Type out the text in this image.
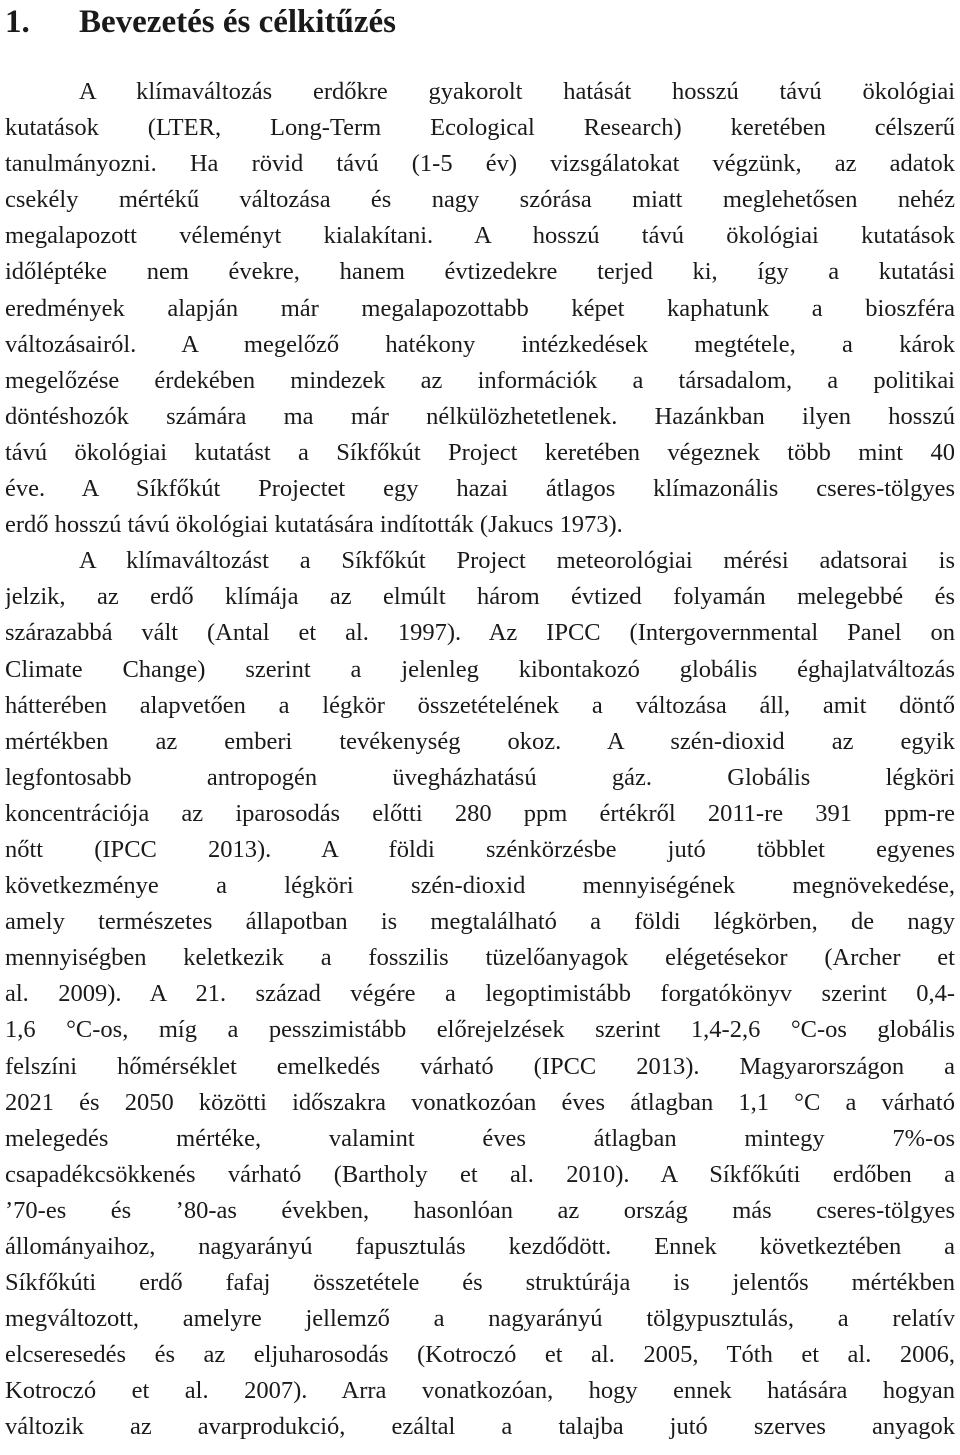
1. Bevezetés és célkitűzés
A klímaváltozás erdőkre gyakorolt hatását hosszú távú ökológiai
kutatások (LTER, Long-Term Ecological Research) keretében célszerű
tanulmányozni. Ha rövid távú (1-5 év) vizsgálatokat végzünk, az adatok
csekély mértékű változása és nagy szórása miatt meglehetősen nehéz
megalapozott véleményt kialakítani. A hosszú távú ökológiai kutatások
időléptéke nem évekre, hanem évtizedekre terjed ki, így a kutatási
eredmények alapján már megalapozottabb képet kaphatunk a bioszféra
változásairól. A megelőző hatékony intézkedések megtétele, a károk
megelőzése érdekében mindezek az információk a társadalom, a politikai
döntéshozók számára ma már nélkülözhetetlenek. Hazánkban ilyen hosszú
távú ökológiai kutatást a Síkfőkút Project keretében végeznek több mint 40
éve. A Síkfőkút Projectet egy hazai átlagos klímazonális cseres-tölgyes
erdő hosszú távú ökológiai kutatására indították (Jakucs 1973).
A klímaváltozást a Síkfőkút Project meteorológiai mérési adatsorai is
jelzik, az erdő klímája az elmúlt három évtized folyamán melegebbé és
szárazabbá vált (Antal et al. 1997). Az IPCC (Intergovernmental Panel on
Climate Change) szerint a jelenleg kibontakozó globális éghajlatváltozás
hátterében alapvetően a légkör összetételének a változása áll, amit döntő
mértékben az emberi tevékenység okoz. A szén-dioxid az egyik
legfontosabb antropogén üvegházhatású gáz. Globális légköri
koncentrációja az iparosodás előtti 280 ppm értékről 2011-re 391 ppm-re
nőtt (IPCC 2013). A földi szénkörzésbe jutó többlet egyenes
következménye a légköri szén-dioxid mennyiségének megnövekedése,
amely természetes állapotban is megtalálható a földi légkörben, de nagy
mennyiségben keletkezik a fosszilis tüzelőanyagok elégetésekor (Archer et
al. 2009). A 21. század végére a legoptimistább forgatókönyv szerint 0,4-
1,6 °C-os, míg a pesszimistább előrejelzések szerint 1,4-2,6 °C-os globális
felszíni hőmérséklet emelkedés várható (IPCC 2013). Magyarországon a
2021 és 2050 közötti időszakra vonatkozóan éves átlagban 1,1 °C a várható
melegedés mértéke, valamint éves átlagban mintegy 7%-os
csapadékcsökkenés várható (Bartholy et al. 2010). A Síkfőkúti erdőben a
’70-es és ’80-as években, hasonlóan az ország más cseres-tölgyes
állományaihoz, nagyarányú fapusztulás kezdődött. Ennek következtében a
Síkfőkúti erdő fafaj összetétele és struktúrája is jelentős mértékben
megváltozott, amelyre jellemző a nagyarányú tölgypusztulás, a relatív
elcseresedés és az eljuharosodás (Kotroczó et al. 2005, Tóth et al. 2006,
Kotroczó et al. 2007). Arra vonatkozóan, hogy ennek hatására hogyan
változik az avarprodukció, ezáltal a talajba jutó szerves anyagok
